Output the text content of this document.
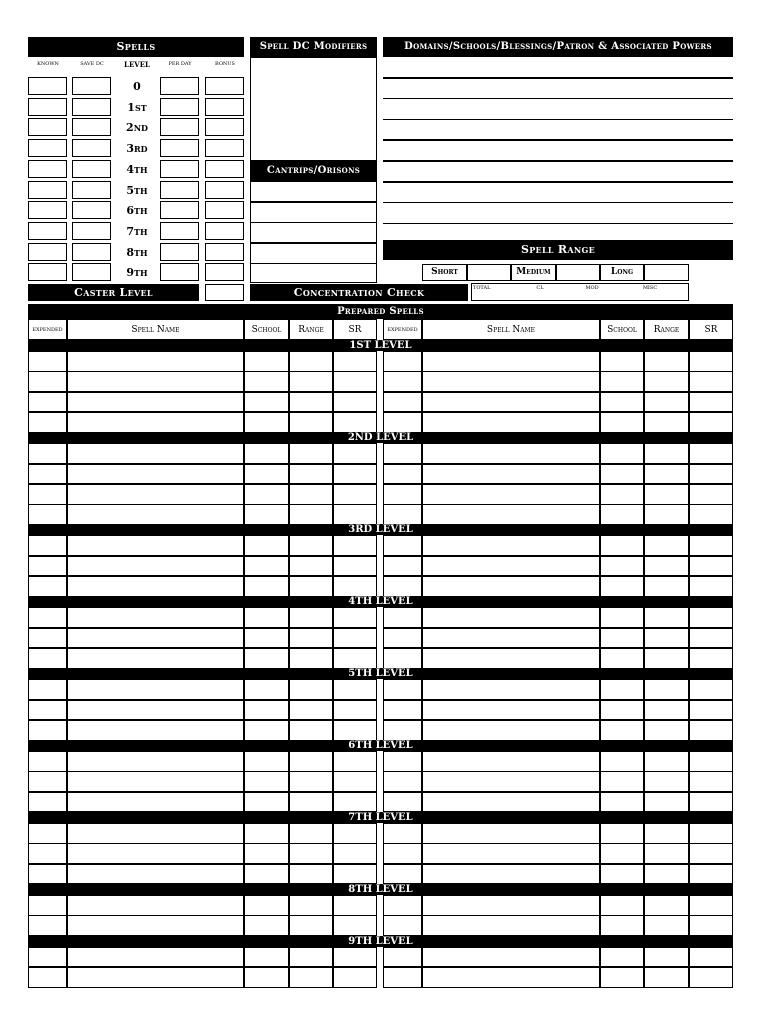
Spells
KNOWN	SAVE DC	LEVEL	PER DAY	BONUS
0
1st
2nd
3rd
4th
5th
6th
7th
8th
9th
Caster Level
Spell DC Modifiers
Cantrips/Orisons
Concentration Check	TOTAL	CL	MOD	MISC
Domains/Schools/Blessings/Patron & Associated Powers
Spell Range
Short	Medium	Long
Prepared Spells
EXPENDED	Spell Name	School	Range	SR	EXPENDED	Spell Name	School	Range	SR
1ST LEVEL
2ND LEVEL
3RD LEVEL
4TH LEVEL
5TH LEVEL
6TH LEVEL
7TH LEVEL
8TH LEVEL
9TH LEVEL
